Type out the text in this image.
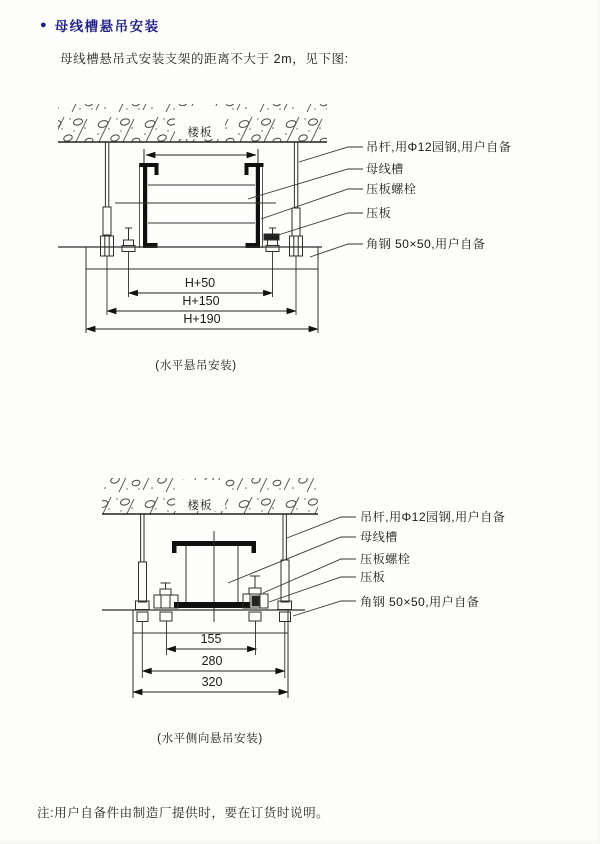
● 母线槽悬吊安装
母线槽悬吊式安装支架的距离不大于 2m，见下图:
楼板
H+50
H+150
H+190
吊杆,用Φ12园钢,用户自备
母线槽
压板螺栓
压板
角钢 50×50,用户自备
(水平悬吊安装)
楼板
155
280
320
吊杆,用Φ12园钢,用户自备
母线槽
压板螺栓
压板
角钢 50×50,用户自备
(水平侧向悬吊安装)
注:用户自备件由制造厂提供时，要在订货时说明。
